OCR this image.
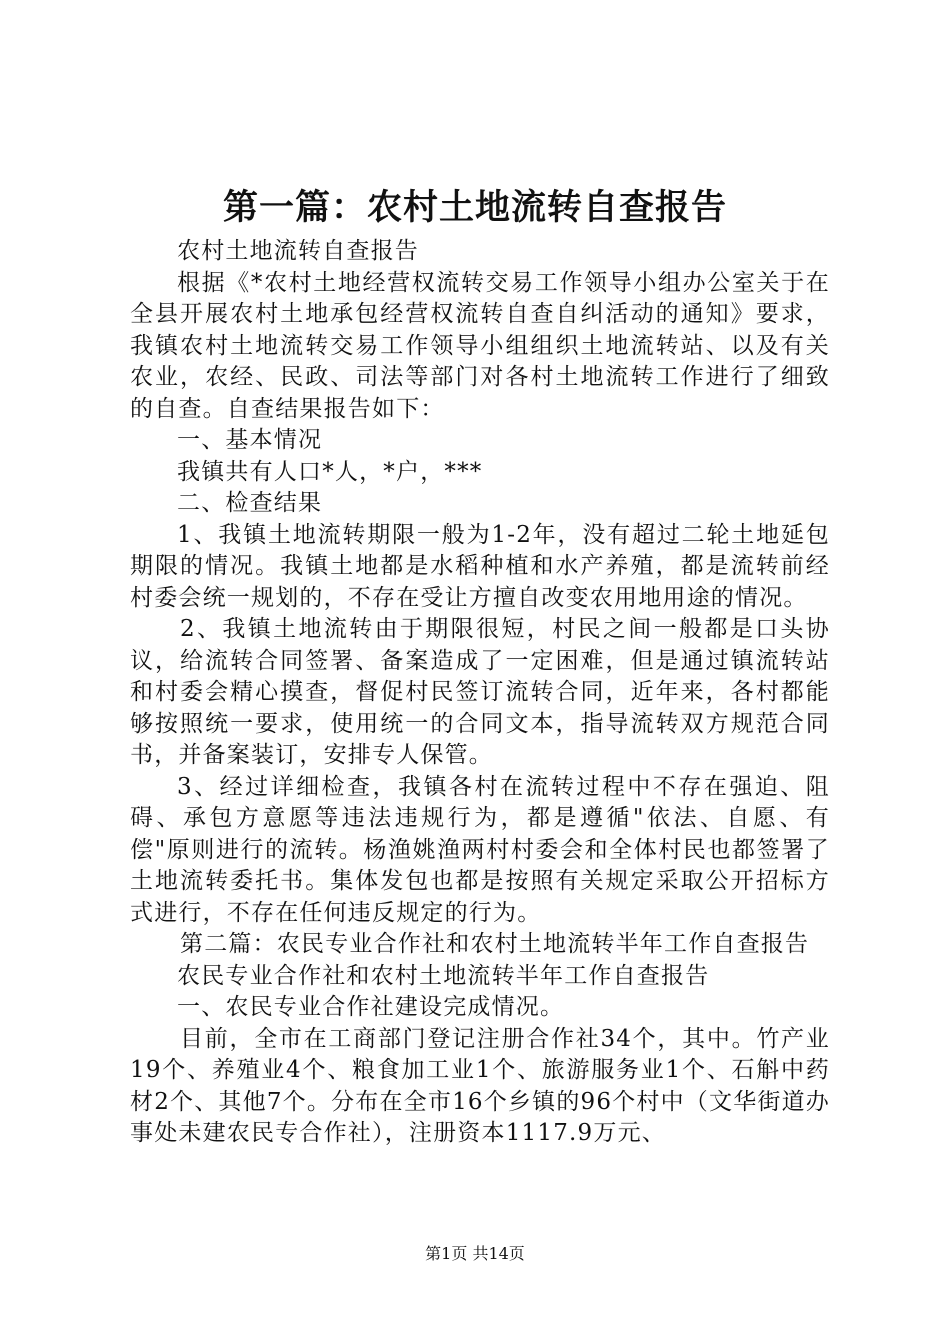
第一篇：农村土地流转自查报告

农村土地流转自查报告

根据《*农村土地经营权流转交易工作领导小组办公室关于在全县开展农村土地承包经营权流转自查自纠活动的通知》要求，我镇农村土地流转交易工作领导小组组织土地流转站、以及有关农业，农经、民政、司法等部门对各村土地流转工作进行了细致的自查。自查结果报告如下：

一、基本情况

我镇共有人口*人，*户，***

二、检查结果

1、我镇土地流转期限一般为1-2年，没有超过二轮土地延包期限的情况。我镇土地都是水稻种植和水产养殖，都是流转前经村委会统一规划的，不存在受让方擅自改变农用地用途的情况。

2、我镇土地流转由于期限很短，村民之间一般都是口头协议，给流转合同签署、备案造成了一定困难，但是通过镇流转站和村委会精心摸查，督促村民签订流转合同，近年来，各村都能够按照统一要求，使用统一的合同文本，指导流转双方规范合同书，并备案装订，安排专人保管。

3、经过详细检查，我镇各村在流转过程中不存在强迫、阻碍、承包方意愿等违法违规行为，都是遵循"依法、自愿、有偿"原则进行的流转。杨渔姚渔两村村委会和全体村民也都签署了土地流转委托书。集体发包也都是按照有关规定采取公开招标方式进行，不存在任何违反规定的行为。

第二篇：农民专业合作社和农村土地流转半年工作自查报告

农民专业合作社和农村土地流转半年工作自查报告

一、农民专业合作社建设完成情况。

目前，全市在工商部门登记注册合作社34个，其中。竹产业19个、养殖业4个、粮食加工业1个、旅游服务业1个、石斛中药材2个、其他7个。分布在全市16个乡镇的96个村中（文华街道办事处未建农民专合作社），注册资本1117.9万元、

第1页 共14页
